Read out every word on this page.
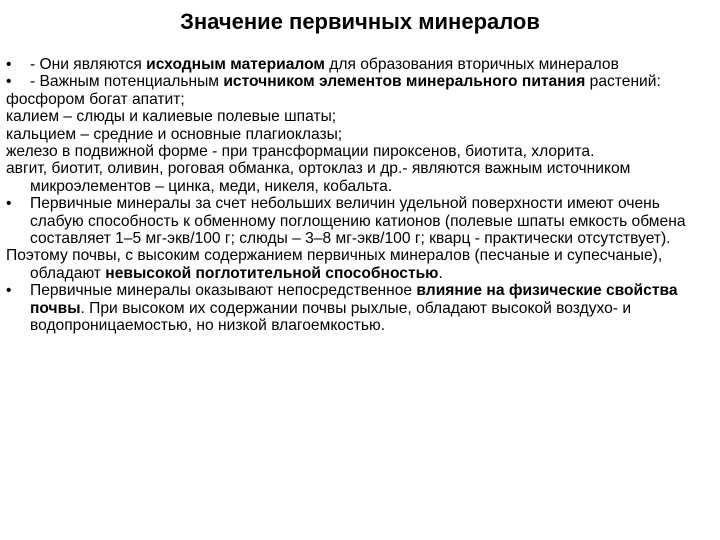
Значение первичных минералов
•	- Они являются исходным материалом для образования вторичных минералов
•	- Важным потенциальным источником элементов минерального питания растений:
фосфором богат апатит;
калием – слюды и калиевые полевые шпаты;
кальцием – средние и основные плагиоклазы;
железо в подвижной форме - при трансформации пироксенов, биотита, хлорита.
авгит, биотит, оливин, роговая обманка, ортоклаз и др.- являются важным источником микроэлементов – цинка, меди, никеля, кобальта.
•	Первичные минералы за счет небольших величин удельной поверхности имеют очень слабую способность к обменному поглощению катионов (полевые шпаты емкость обмена составляет 1–5 мг-экв/100 г; слюды – 3–8 мг-экв/100 г; кварц - практически отсутствует).
Поэтому почвы, с высоким содержанием первичных минералов (песчаные и супесчаные), обладают невысокой поглотительной способностью.
•	Первичные минералы оказывают непосредственное влияние на физические свойства почвы. При высоком их содержании почвы рыхлые, обладают высокой воздухо- и водопроницаемостью, но низкой влагоемкостью.
